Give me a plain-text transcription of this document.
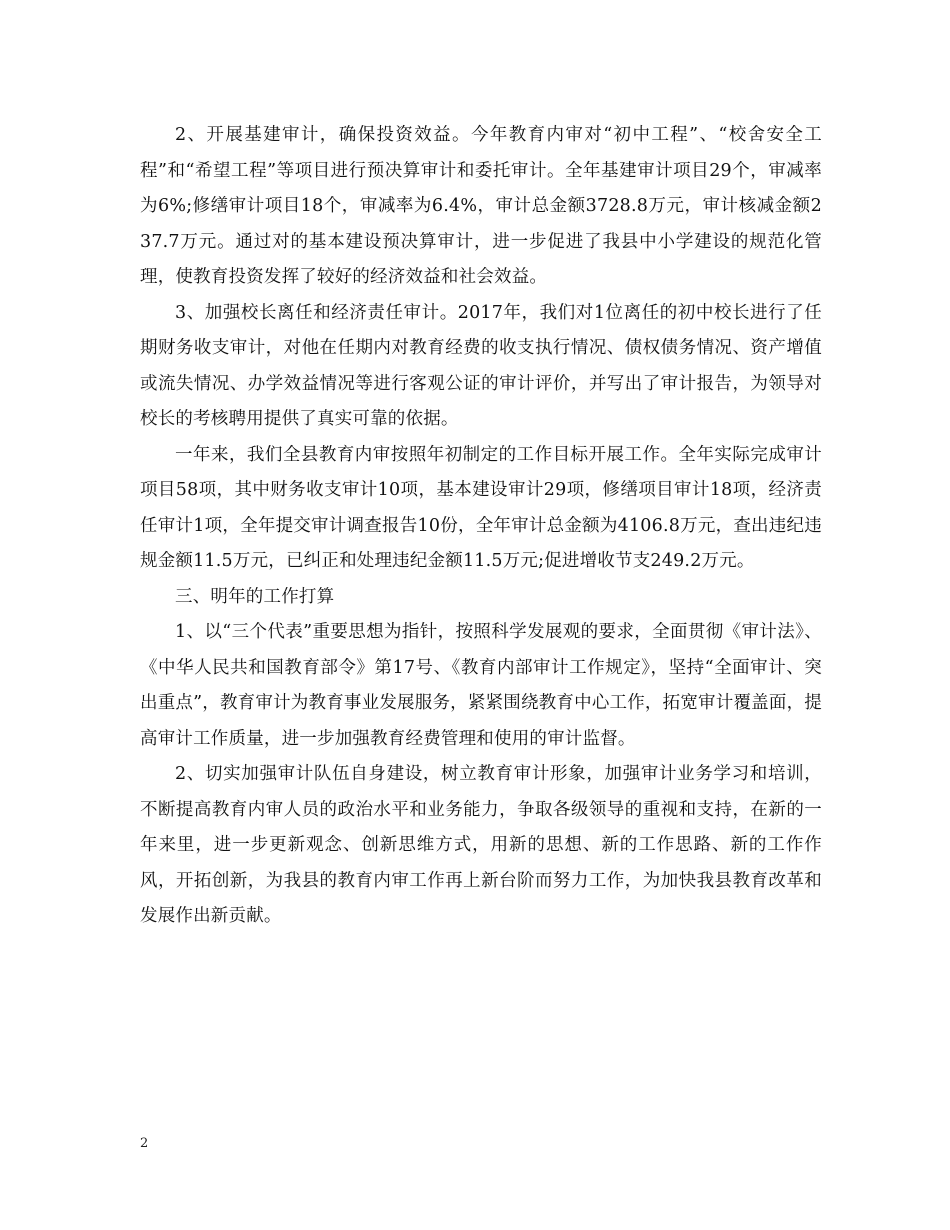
2、开展基建审计，确保投资效益。今年教育内审对“初中工程”、“校舍安全工程”和“希望工程”等项目进行预决算审计和委托审计。全年基建审计项目29个，审减率为6%;修缮审计项目18个，审减率为6.4%，审计总金额3728.8万元，审计核减金额237.7万元。通过对的基本建设预决算审计，进一步促进了我县中小学建设的规范化管理，使教育投资发挥了较好的经济效益和社会效益。

3、加强校长离任和经济责任审计。2017年，我们对1位离任的初中校长进行了任期财务收支审计，对他在任期内对教育经费的收支执行情况、债权债务情况、资产增值或流失情况、办学效益情况等进行客观公证的审计评价，并写出了审计报告，为领导对校长的考核聘用提供了真实可靠的依据。

一年来，我们全县教育内审按照年初制定的工作目标开展工作。全年实际完成审计项目58项，其中财务收支审计10项，基本建设审计29项，修缮项目审计18项，经济责任审计1项，全年提交审计调查报告10份，全年审计总金额为4106.8万元，查出违纪违规金额11.5万元，已纠正和处理违纪金额11.5万元;促进增收节支249.2万元。

三、明年的工作打算

1、以“三个代表”重要思想为指针，按照科学发展观的要求，全面贯彻《审计法》、《中华人民共和国教育部令》第17号、《教育内部审计工作规定》，坚持“全面审计、突出重点”，教育审计为教育事业发展服务，紧紧围绕教育中心工作，拓宽审计覆盖面，提高审计工作质量，进一步加强教育经费管理和使用的审计监督。

2、切实加强审计队伍自身建设，树立教育审计形象，加强审计业务学习和培训，不断提高教育内审人员的政治水平和业务能力，争取各级领导的重视和支持，在新的一年来里，进一步更新观念、创新思维方式，用新的思想、新的工作思路、新的工作作风，开拓创新，为我县的教育内审工作再上新台阶而努力工作，为加快我县教育改革和发展作出新贡献。

2
